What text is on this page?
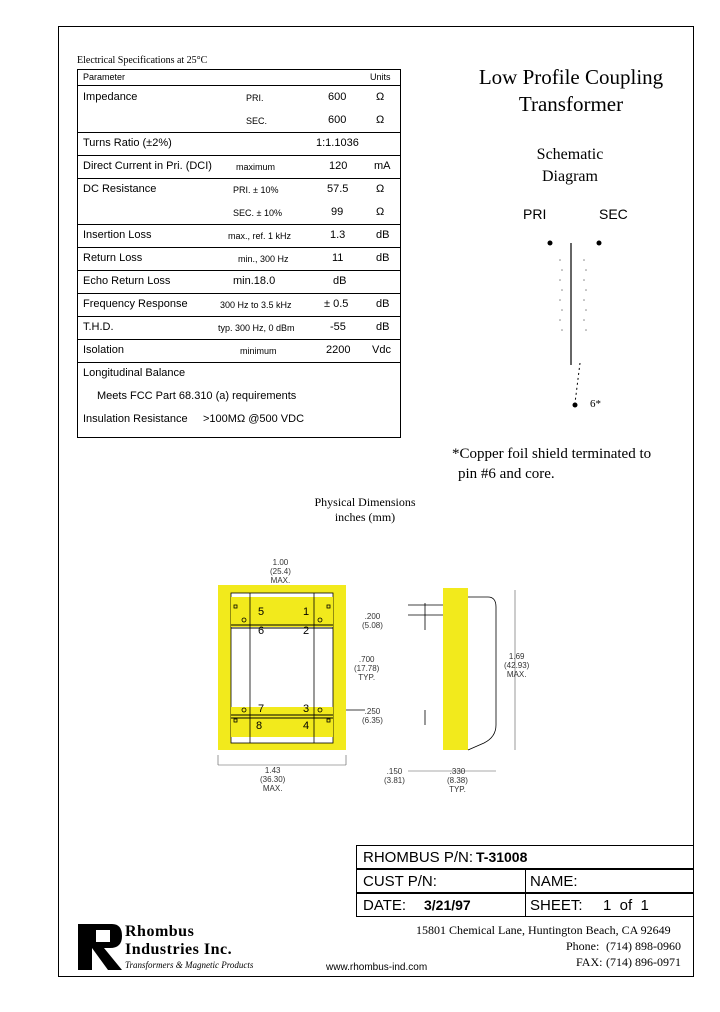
Electrical Specifications at 25°C
Parameter	Units
Impedance	PRI.	600	Ω
SEC.	600	Ω
Turns Ratio (±2%)	1:1.1036
Direct Current in Pri. (DCI)	maximum	120 mA
DC Resistance	PRI. ± 10%	57.5	Ω
SEC. ± 10%	99	Ω
Insertion Loss	max., ref. 1 kHz	1.3	dB
Return Loss	min., 300 Hz	11	dB
Echo Return Loss	min.18.0	dB
Frequency Response	300 Hz to 3.5 kHz	± 0.5	dB
T.H.D.	typ. 300 Hz, 0 dBm	-55	dB
Isolation	minimum	2200 Vdc
Longitudinal Balance
Meets FCC Part 68.310 (a) requirements
Insulation Resistance >100MΩ @500 VDC
Low Profile Coupling
Transformer
Schematic
Diagram
PRI	SEC
6*
*Copper foil shield terminated to
pin #6 and core.
Physical Dimensions
inches (mm)
5	1
6	2
7	3
8	4
1.00
(25.4)
MAX.
.200
(5.08)
.700
(17.78)
TYP.
.250
(6.35)
1.43
(36.30)
MAX.
1.69
(42.93)
MAX.
.150
(3.81)
.330
(8.38)
TYP.
RHOMBUS P/N: T-31008
CUST P/N:	NAME:
DATE: 3/21/97	SHEET: 1  of  1
Rhombus
Industries Inc.
Transformers & Magnetic Products
15801 Chemical Lane, Huntington Beach, CA 92649
Phone: (714) 898-0960
FAX: (714) 896-0971
www.rhombus-ind.com
